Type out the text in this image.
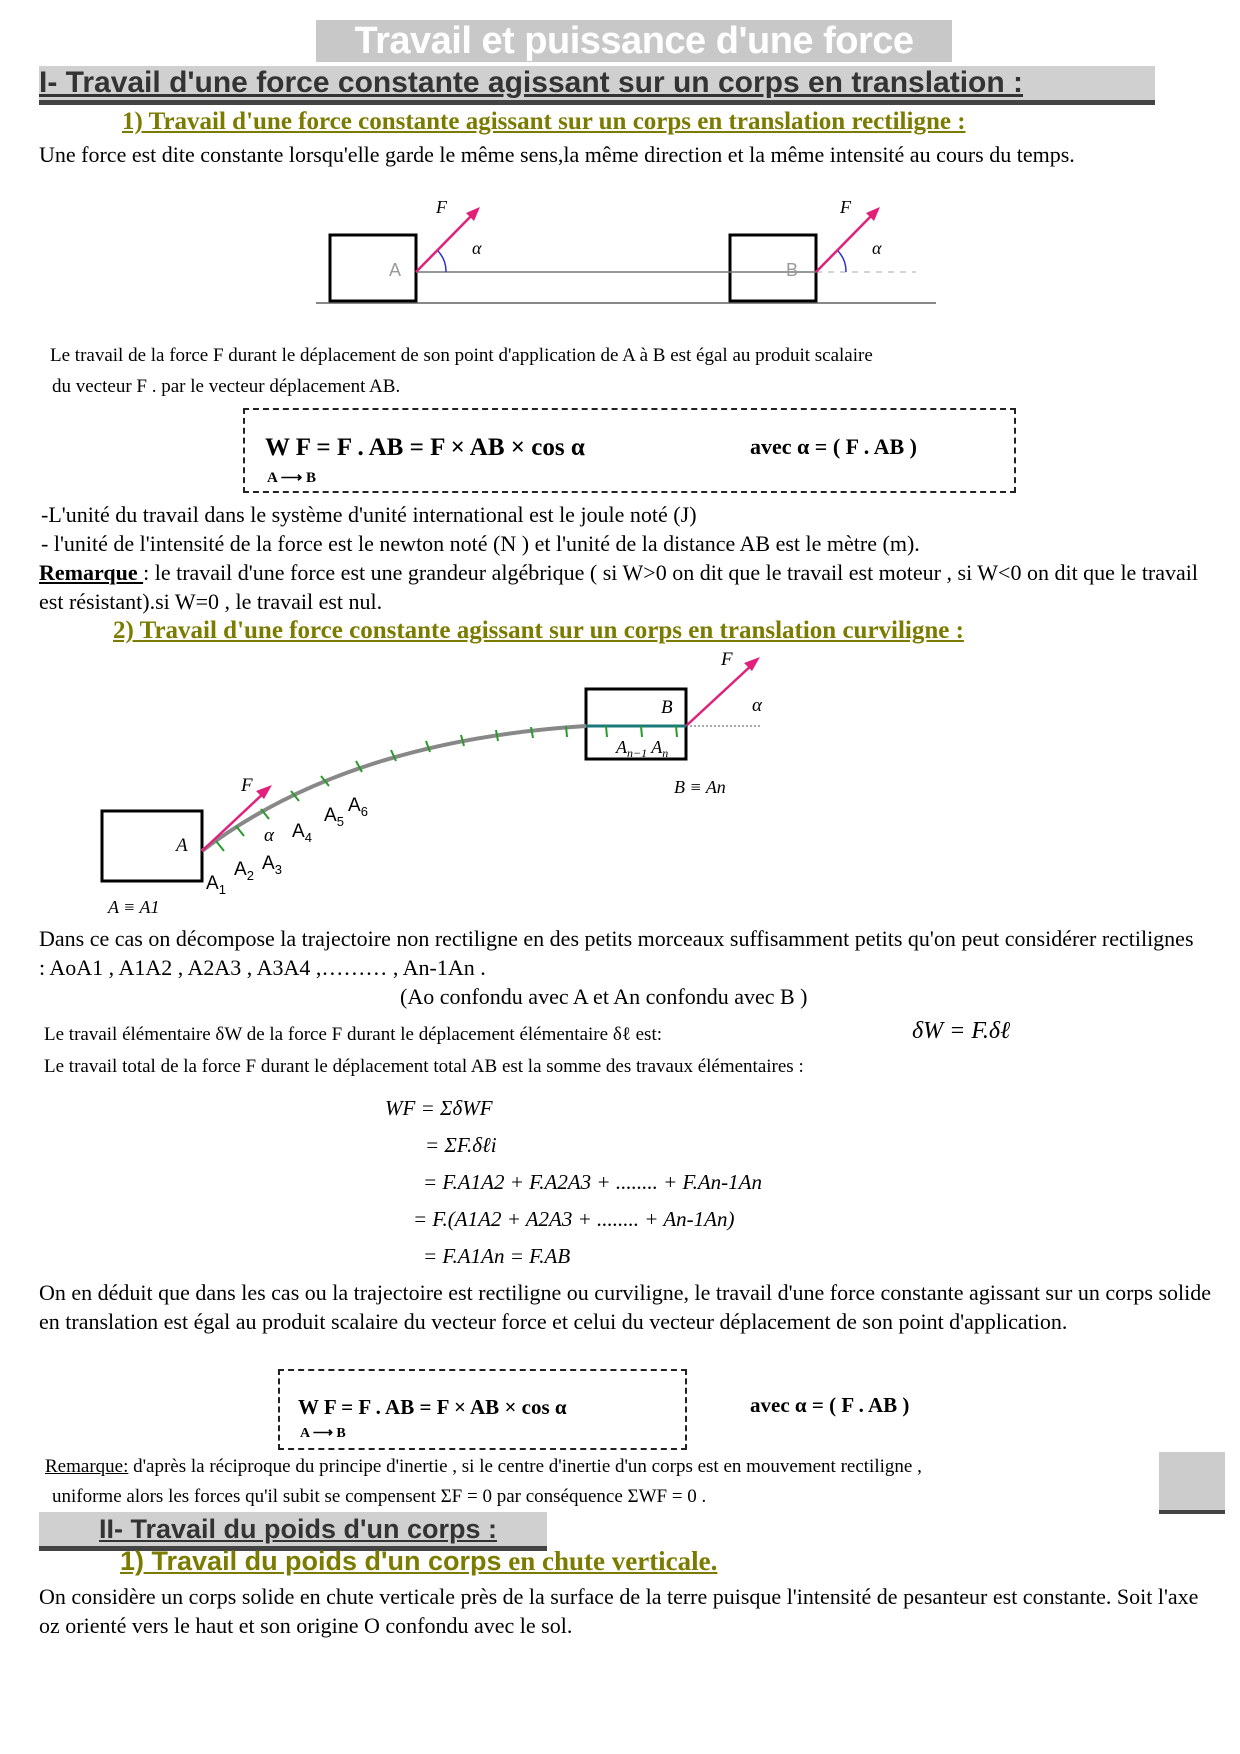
Travail et puissance d'une force
I- Travail d'une force constante agissant sur un corps en translation :
1) Travail d'une force constante agissant sur un corps en translation rectiligne :
Une force est dite constante lorsqu'elle garde le même sens,la même direction et la même intensité au cours du temps.
A	B
F	F
α	α
Le travail de la force F durant le déplacement de son point d'application de A à B est égal au produit scalaire
du vecteur F . par le vecteur déplacement AB.
W F = F . AB = F × AB × cos α
A ⟶ B
avec α = ( F . AB )
-L'unité du travail dans le système d'unité international est le joule noté (J)
- l'unité de l'intensité de la force est le newton noté (N ) et l'unité de la distance AB est le mètre (m).
Remarque : le travail d'une force est une grandeur algébrique ( si W>0 on dit que le travail est moteur , si W<0 on dit que le travail est résistant).si W=0 , le travail est nul.
2) Travail d'une force constante agissant sur un corps en translation curviligne :
A
B
F
F
α
α
$A_1$
$A_2$
$A_3$
$A_4$
$A_5$
$A_6$
$A_{n-1}$ $A_n$
B ≡ An
A ≡ A1
Dans ce cas on décompose la trajectoire non rectiligne en des petits morceaux suffisamment petits qu'on peut considérer rectilignes : AoA1 , A1A2 , A2A3 , A3A4 ,……… , An-1An .
(Ao confondu avec A et An confondu avec B )
Le travail élémentaire δW de la force F durant le déplacement élémentaire δℓ est:	δW = F.δℓ
Le travail total de la force F durant le déplacement total AB est la somme des travaux élémentaires :
WF = ΣδWF
= ΣF.δℓi
= F.A1A2 + F.A2A3 + ........ + F.An-1An
= F.(A1A2 + A2A3 + ........ + An-1An)
= F.A1An = F.AB
On en déduit que dans les cas ou la trajectoire est rectiligne ou curviligne, le travail d'une force constante agissant sur un corps solide en translation est égal au produit scalaire du vecteur force et celui du vecteur déplacement de son point d'application.
W F = F . AB = F × AB × cos α
A ⟶ B
avec α = ( F . AB )
Remarque: d'après la réciproque du principe d'inertie , si le centre d'inertie d'un corps est en mouvement rectiligne ,
uniforme alors les forces qu'il subit se compensent ΣF = 0 par conséquence ΣWF = 0 .
II- Travail du poids d'un corps :
1) Travail du poids d'un corps en chute verticale.
On considère un corps solide en chute verticale près de la surface de la terre puisque l'intensité de pesanteur est constante. Soit l'axe oz orienté vers le haut et son origine O confondu avec le sol.
